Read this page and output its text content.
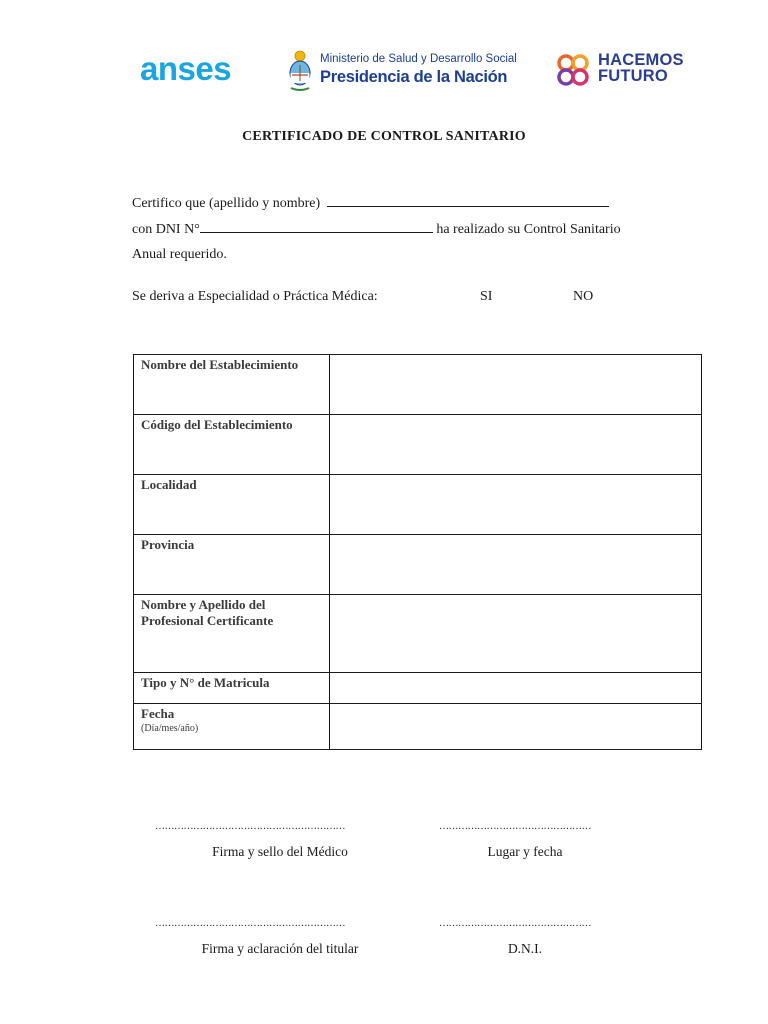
anses	Ministerio de Salud y Desarrollo Social
Presidencia de la Nación
HACEMOS
FUTURO
CERTIFICADO DE CONTROL SANITARIO
Certifico que (apellido y nombre)
con DNI N°	ha realizado su Control Sanitario
Anual requerido.
Se deriva a Especialidad o Práctica Médica:	SI	NO
Nombre del Establecimiento	
Código del Establecimiento	
Localidad	
Provincia	
Nombre y Apellido del Profesional Certificante	
Tipo y N° de Matricula	
Fecha
(Día/mes/año)	

……………………………………………………	…………………………………………
Firma y sello del Médico	Lugar y fecha
……………………………………………………	…………………………………………
Firma y aclaración del titular	D.N.I.
